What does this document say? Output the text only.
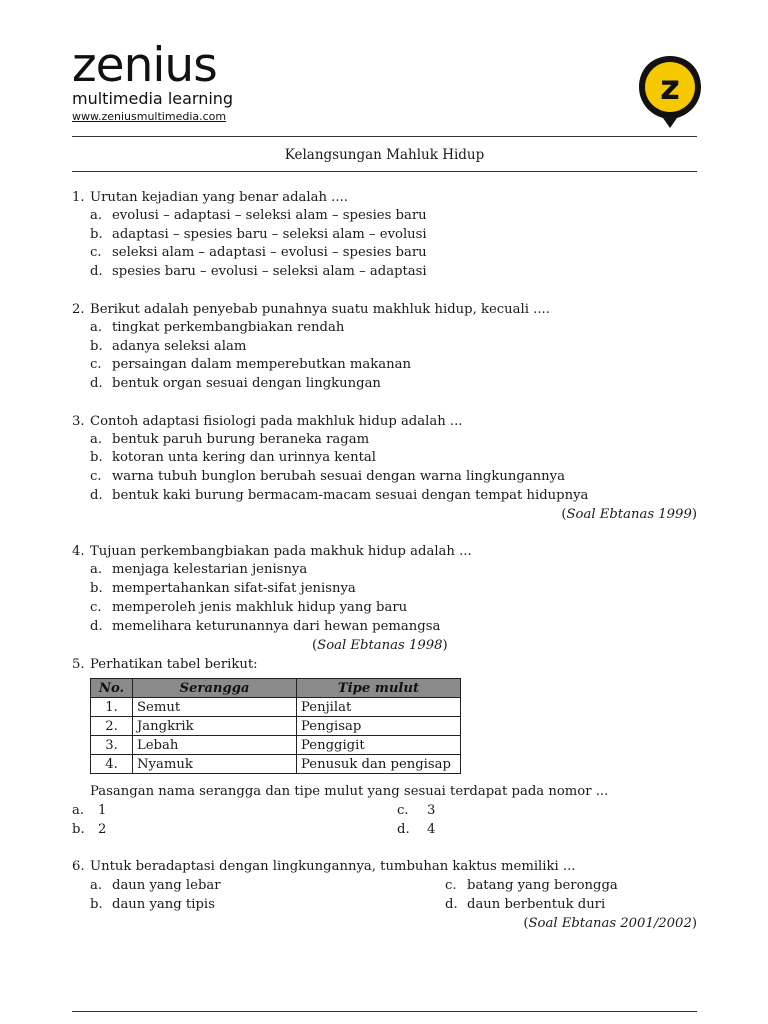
zenius
multimedia learning
www.zeniusmultimedia.com
z
Kelangsungan Mahluk Hidup
1. Urutan kejadian yang benar adalah ....
a. evolusi – adaptasi – seleksi alam – spesies baru
b. adaptasi – spesies baru – seleksi alam – evolusi
c. seleksi alam – adaptasi – evolusi – spesies baru
d. spesies baru – evolusi – seleksi alam – adaptasi
2. Berikut adalah penyebab punahnya suatu makhluk hidup, kecuali ....
a. tingkat perkembangbiakan rendah
b. adanya seleksi alam
c. persaingan dalam memperebutkan makanan
d. bentuk organ sesuai dengan lingkungan
3. Contoh adaptasi fisiologi pada makhluk hidup adalah ...
a. bentuk paruh burung beraneka ragam
b. kotoran unta kering dan urinnya kental
c. warna tubuh bunglon berubah sesuai dengan warna lingkungannya
d. bentuk kaki burung bermacam-macam sesuai dengan tempat hidupnya
(Soal Ebtanas 1999)
4. Tujuan perkembangbiakan pada makhuk hidup adalah ...
a. menjaga kelestarian jenisnya
b. mempertahankan sifat-sifat jenisnya
c. memperoleh jenis makhluk hidup yang baru
d. memelihara keturunannya dari hewan pemangsa
(Soal Ebtanas 1998)
5. Perhatikan tabel berikut:
No.	Serangga	Tipe mulut
1.	Semut	Penjilat
2.	Jangkrik	Pengisap
3.	Lebah	Penggigit
4.	Nyamuk	Penusuk dan pengisap
Pasangan nama serangga dan tipe mulut yang sesuai terdapat pada nomor ...
a.	1
b.	2
c.	3
d.	4
6. Untuk beradaptasi dengan lingkungannya, tumbuhan kaktus memiliki ...
a. daun yang lebar
b. daun yang tipis
c. batang yang berongga
d. daun berbentuk duri
(Soal Ebtanas 2001/2002)
